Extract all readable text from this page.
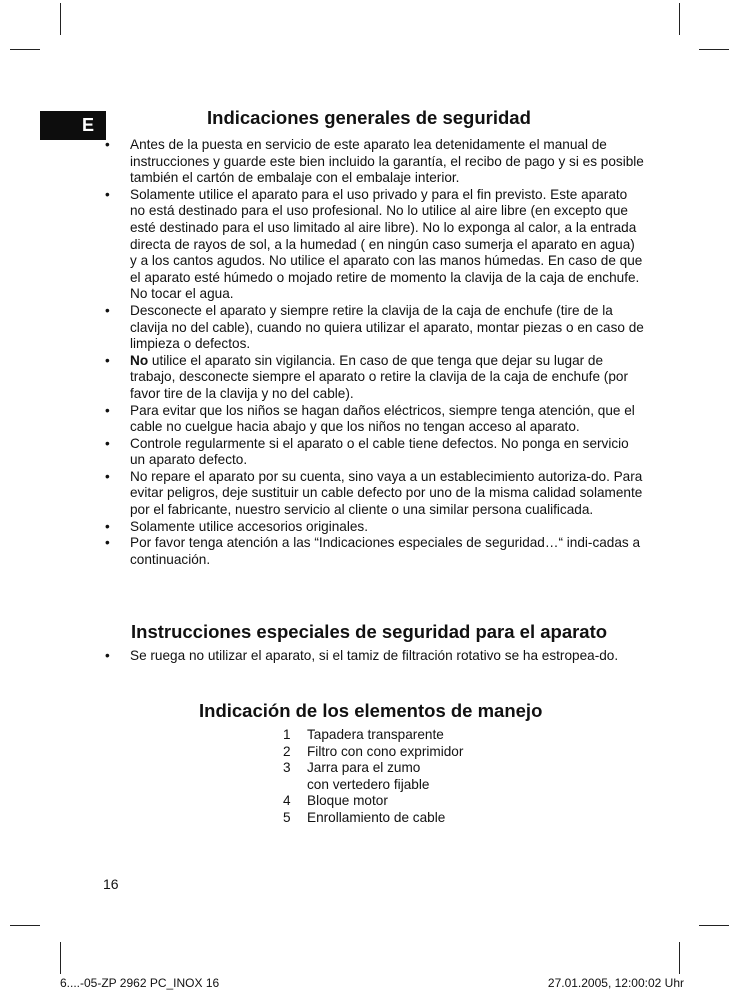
E	Indicaciones generales de seguridad
• Antes de la puesta en servicio de este aparato lea detenidamente el manual de instrucciones y guarde este bien incluido la garantía, el recibo de pago y si es posible también el cartón de embalaje con el embalaje interior.
• Solamente utilice el aparato para el uso privado y para el fin previsto. Este aparato no está destinado para el uso profesional. No lo utilice al aire libre (en excepto que esté destinado para el uso limitado al aire libre). No lo exponga al calor, a la entrada directa de rayos de sol, a la humedad ( en ningún caso sumerja el aparato en agua) y a los cantos agudos. No utilice el aparato con las manos húmedas. En caso de que el aparato esté húmedo o mojado retire de momento la clavija de la caja de enchufe. No tocar el agua.
• Desconecte el aparato y siempre retire la clavija de la caja de enchufe (tire de la clavija no del cable), cuando no quiera utilizar el aparato, montar piezas o en caso de limpieza o defectos.
• No utilice el aparato sin vigilancia. En caso de que tenga que dejar su lugar de trabajo, desconecte siempre el aparato o retire la clavija de la caja de enchufe (por favor tire de la clavija y no del cable).
• Para evitar que los niños se hagan daños eléctricos, siempre tenga atención, que el cable no cuelgue hacia abajo y que los niños no tengan acceso al aparato.
• Controle regularmente si el aparato o el cable tiene defectos. No ponga en servicio un aparato defecto.
• No repare el aparato por su cuenta, sino vaya a un establecimiento autoriza-do. Para evitar peligros, deje sustituir un cable defecto por uno de la misma calidad solamente por el fabricante, nuestro servicio al cliente o una similar persona cualificada.
• Solamente utilice accesorios originales.
• Por favor tenga atención a las “Indicaciones especiales de seguridad…“ indi-cadas a continuación.
Instrucciones especiales de seguridad para el aparato
• Se ruega no utilizar el aparato, si el tamiz de filtración rotativo se ha estropea-do.
Indicación de los elementos de manejo
1	Tapadera transparente
2	Filtro con cono exprimidor
3	Jarra para el zumo
con vertedero fijable
4	Bloque motor
5	Enrollamiento de cable
16
6....-05-ZP 2962 PC_INOX 16	27.01.2005, 12:00:02 Uhr
